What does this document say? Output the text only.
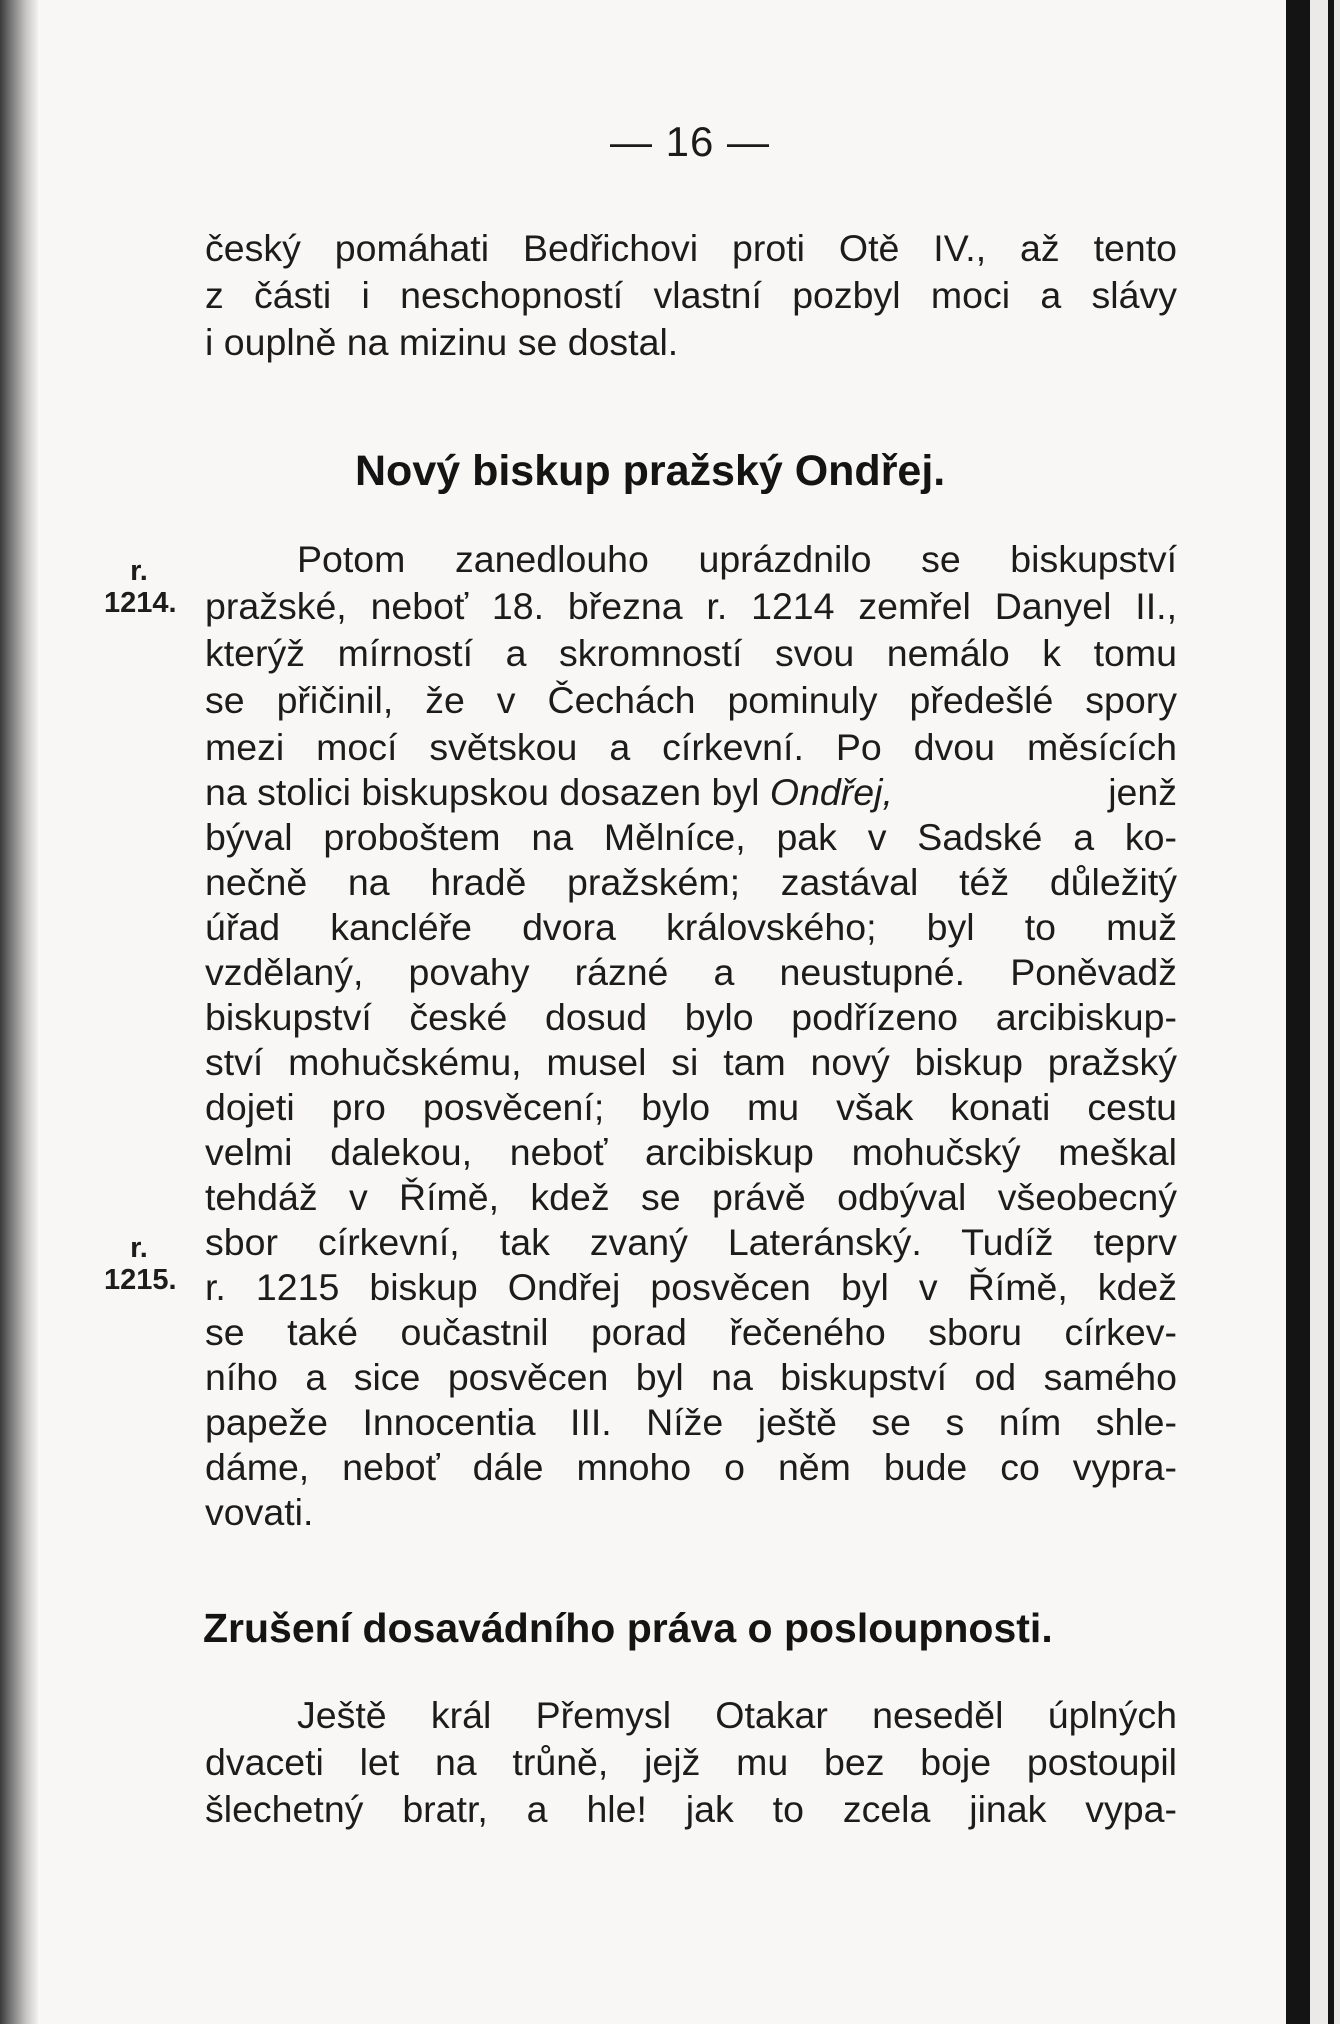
— 16 —
český pomáhati Bedřichovi proti Otě IV., až tento
z části i neschopností vlastní pozbyl moci a slávy
i ouplně na mizinu se dostal.
Nový biskup pražský Ondřej.
r.
1214.
Potom zanedlouho uprázdnilo se biskupství
pražské, neboť 18. března r. 1214 zemřel Danyel II.,
kterýž mírností a skromností svou nemálo k tomu
se přičinil, že v Čechách pominuly předešlé spory
mezi mocí světskou a církevní. Po dvou měsících
na stolici biskupskou dosazen byl Ondřej,	jenž
býval proboštem na Mělníce, pak v Sadské a ko-
nečně na hradě pražském; zastával též důležitý
úřad kancléře dvora královského; byl to muž
vzdělaný, povahy rázné a neustupné. Poněvadž
biskupství české dosud bylo podřízeno arcibiskup-
ství mohučskému, musel si tam nový biskup pražský
dojeti pro posvěcení; bylo mu však konati cestu
velmi dalekou, neboť arcibiskup mohučský meškal
tehdáž v Římě, kdež se právě odbýval všeobecný
sbor církevní, tak zvaný Lateránský. Tudíž teprv
r.
1215. r. 1215 biskup Ondřej posvěcen byl v Římě, kdež
se také oučastnil porad řečeného sboru církev-
ního a sice posvěcen byl na biskupství od samého
papeže Innocentia III. Níže ještě se s ním shle-
dáme, neboť dále mnoho o něm bude co vypra-
vovati.
Zrušení dosavádního práva o posloupnosti.
Ještě král Přemysl Otakar neseděl úplných
dvaceti let na trůně, jejž mu bez boje postoupil
šlechetný bratr, a hle! jak to zcela jinak vypa-
